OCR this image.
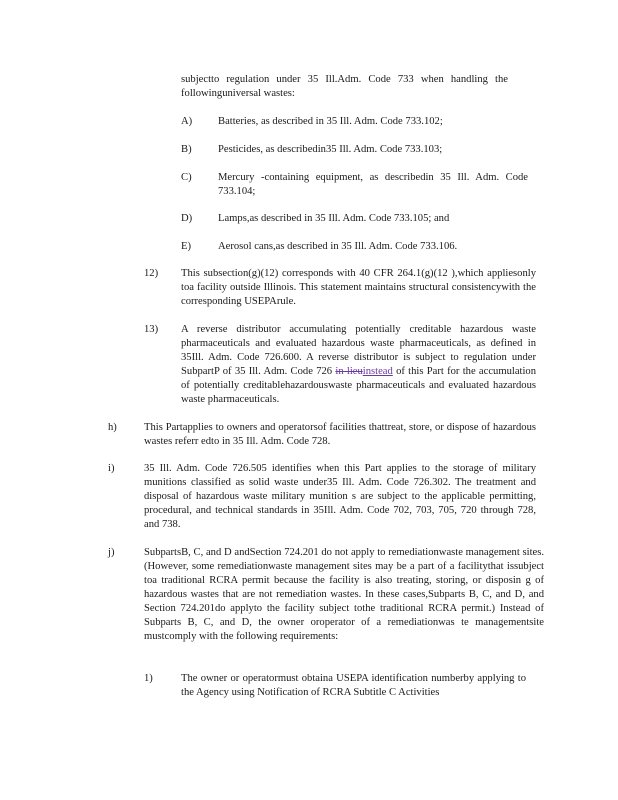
subjectto regulation under 35 Ill.Adm. Code 733 when handling the followinguniversal wastes:
A) Batteries, as described in 35 Ill. Adm. Code 733.102;
B) Pesticides, as describedin35 Ill. Adm. Code 733.103;
C) Mercury -containing equipment, as describedin 35 Ill. Adm. Code 733.104;
D) Lamps,as described in 35 Ill. Adm. Code 733.105; and
E)	Aerosol cans,as described in 35 Ill. Adm. Code 733.106.
12) This subsection(g)(12) corresponds with 40 CFR 264.1(g)(12 ),which appliesonly toa facility outside Illinois. This statement maintains structural consistencywith the corresponding USEPArule.
13) A reverse distributor accumulating potentially creditable hazardous waste pharmaceuticals and evaluated hazardous waste pharmaceuticals, as defined in 35Ill. Adm. Code 726.600. A reverse distributor is subject to regulation under SubpartP of 35 Ill. Adm. Code 726 in lieuinstead of this Part for the accumulation of potentially creditablehazardouswaste pharmaceuticals and evaluated hazardous waste pharmaceuticals.
h)	This Partapplies to owners and operatorsof facilities thattreat, store, or dispose of hazardous wastes referr edto in 35 Ill. Adm. Code 728.
i)	35 Ill. Adm. Code 726.505 identifies when this Part applies to the storage of military munitions classified as solid waste under35 Ill. Adm. Code 726.302. The treatment and disposal of hazardous waste military munition s are subject to the applicable permitting, procedural, and technical standards in 35Ill. Adm. Code 702, 703, 705, 720 through 728, and 738.
j)	SubpartsB, C, and D andSection 724.201 do not apply to remediationwaste management sites. (However, some remediationwaste management sites may be a part of a facilitythat issubject toa traditional RCRA permit because the facility is also treating, storing, or disposin g of hazardous wastes that are not remediation wastes. In these cases,Subparts B, C, and D, and Section 724.201do applyto the facility subject tothe traditional RCRA permit.) Instead of Subparts B, C, and D, the owner oroperator of a remediationwas te managementsite mustcomply with the following requirements:
1)	The owner or operatormust obtaina USEPA identification numberby applying to the Agency using Notification of RCRA Subtitle C Activities
